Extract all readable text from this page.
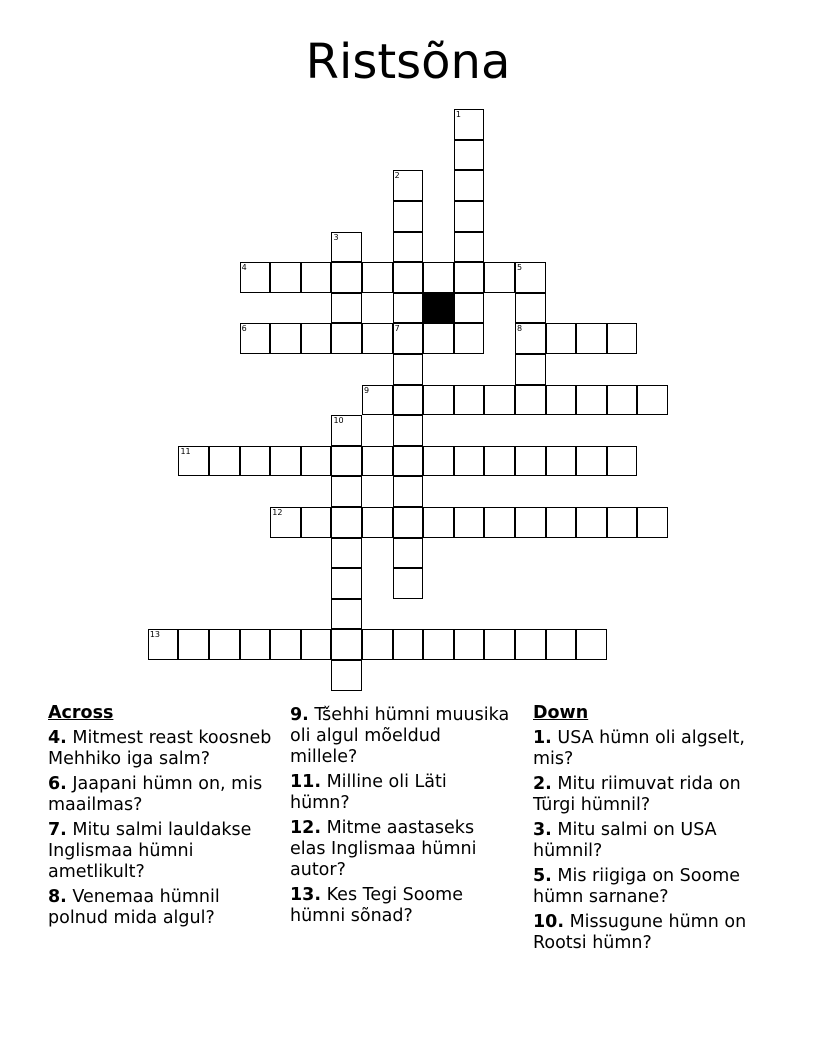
Ristsõna
1
2
7
3
4	5
8
6
9
10
11
12
13
Across
4. Mitmest reast koosneb Mehhiko iga salm?
6. Jaapani hümn on, mis maailmas?
7. Mitu salmi lauldakse Inglismaa hümni ametlikult?
8. Venemaa hümnil polnud mida algul?
9. Tšehhi hümni muusika oli algul mõeldud millele?
11. Milline oli Läti hümn?
12. Mitme aastaseks elas Inglismaa hümni autor?
13. Kes Tegi Soome hümni sõnad?
Down
1. USA hümn oli algselt, mis?
2. Mitu riimuvat rida on Türgi hümnil?
3. Mitu salmi on USA hümnil?
5. Mis riigiga on Soome hümn sarnane?
10. Missugune hümn on Rootsi hümn?
